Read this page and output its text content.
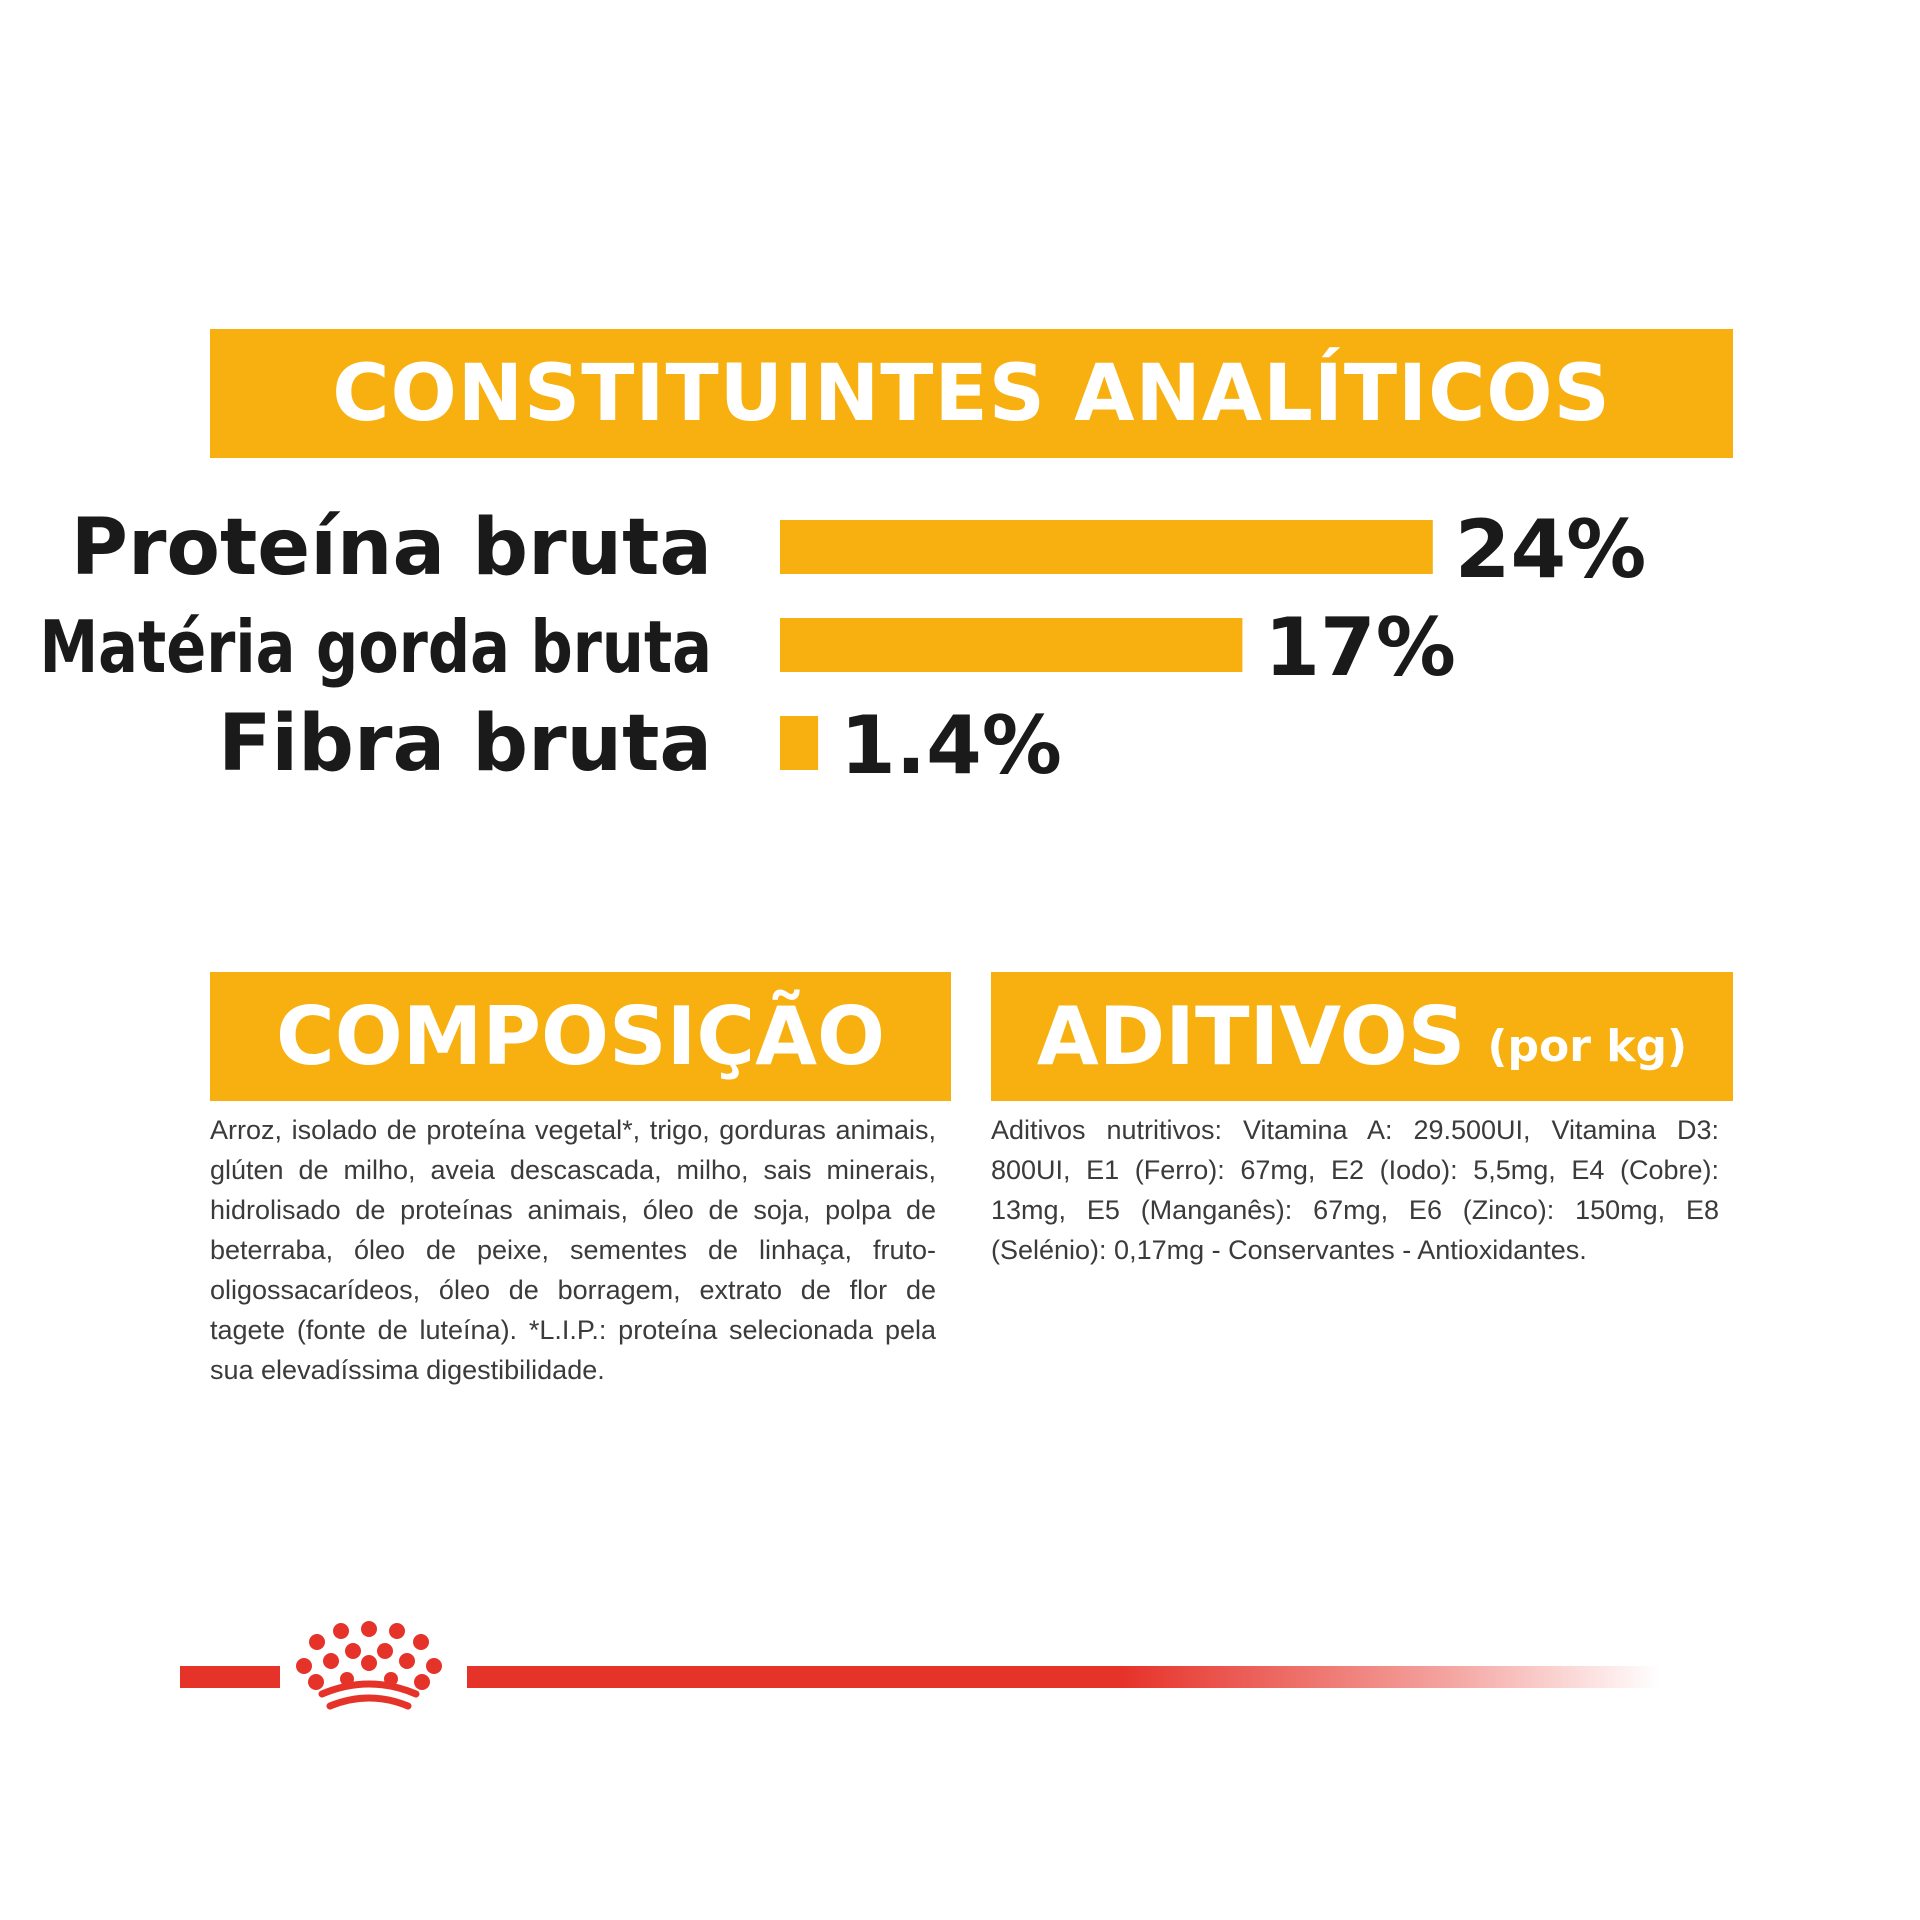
CONSTITUINTES ANALÍTICOS
Proteína bruta	24%
Matéria gorda bruta	17%
Fibra bruta 1.4%
COMPOSIÇÃO ADITIVOS (por kg)

Arroz, isolado de proteína vegetal*, trigo, gorduras animais, glúten de milho, aveia descascada, milho, sais minerais, hidrolisado de proteínas animais, óleo de soja, polpa de beterraba, óleo de peixe, sementes de linhaça, fruto-oligossacarídeos, óleo de borragem, extrato de flor de tagete (fonte de luteína). *L.I.P.: proteína selecionada pela sua elevadíssima digestibilidade.

Aditivos nutritivos: Vitamina A: 29.500UI, Vitamina D3: 800UI, E1 (Ferro): 67mg, E2 (Iodo): 5,5mg, E4 (Cobre): 13mg, E5 (Manganês): 67mg, E6 (Zinco): 150mg, E8 (Selénio): 0,17mg - Conservantes - Antioxidantes.
